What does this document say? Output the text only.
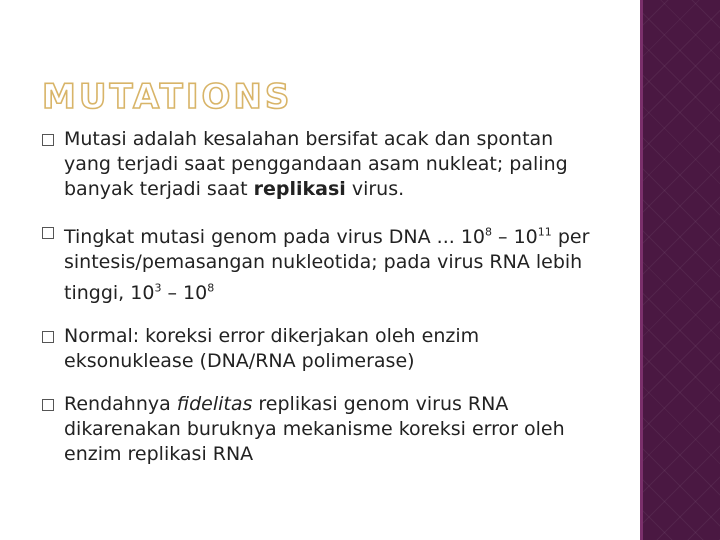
MUTATIONS
Mutasi adalah kesalahan bersifat acak dan spontan yang terjadi saat penggandaan asam nukleat; paling banyak terjadi saat replikasi virus.
Tingkat mutasi genom pada virus DNA ... $10^8 - 10^{11}$ per sintesis/pemasangan nukleotida; pada virus RNA lebih tinggi, $10^3 - 10^8$
Normal: koreksi error dikerjakan oleh enzim eksonuklease (DNA/RNA polimerase)
Rendahnya fidelitas replikasi genom virus RNA dikarenakan buruknya mekanisme koreksi error oleh enzim replikasi RNA
